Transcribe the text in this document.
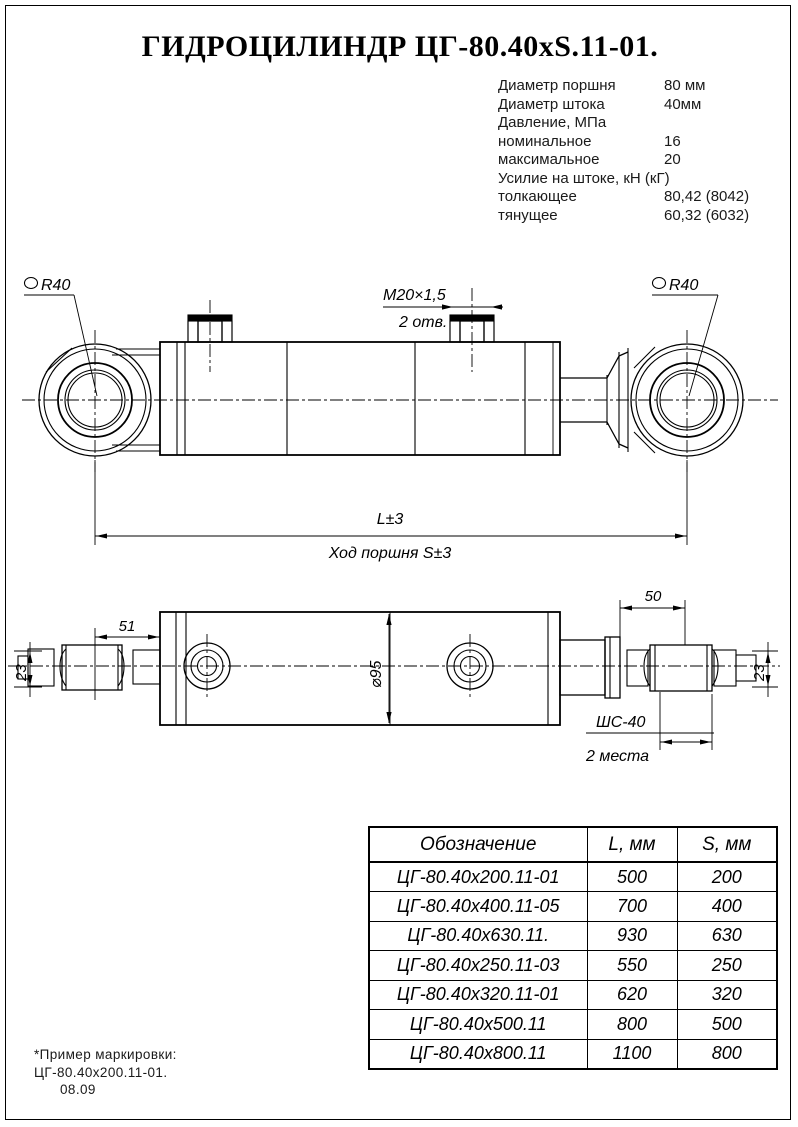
ГИДРОЦИЛИНДР ЦГ-80.40xS.11-01.
Диаметр поршня	80 мм
Диаметр штока	40мм
Давление, МПа
номинальное	16
максимальное	20
Усилие на штоке, кН (кГ)
толкающее	80,42 (8042)
тянущее	60,32 (6032)
М20×1,5
2 отв.
R40	R40
L±3
Ход поршня S±3
⌀95
51
23
50
23
ШС-40
2 места
Обозначение	L, мм	S, мм
ЦГ-80.40х200.11-01	500	200
ЦГ-80.40х400.11-05	700	400
ЦГ-80.40х630.11.	930	630
ЦГ-80.40х250.11-03	550	250
ЦГ-80.40х320.11-01	620	320
ЦГ-80.40х500.11	800	500
ЦГ-80.40х800.11	1100	800
*Пример маркировки:
ЦГ-80.40х200.11-01.
08.09
